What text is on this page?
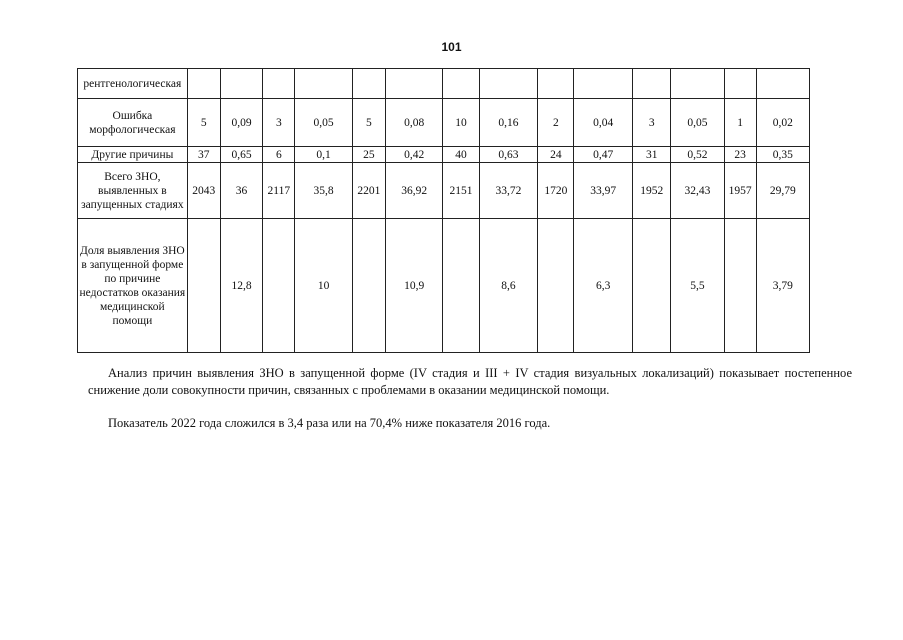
101
рентгенологическая														
Ошибка морфологическая	5	0,09	3	0,05	5	0,08	10	0,16	2	0,04	3	0,05	1	0,02
Другие причины	37	0,65	6	0,1	25	0,42	40	0,63	24	0,47	31	0,52	23	0,35
Всего ЗНО, выявленных в запущенных стадиях	2043	36	2117	35,8	2201	36,92	2151	33,72	1720	33,97	1952	32,43	1957	29,79
Доля выявления ЗНО в запущенной форме по причине недостатков оказания медицинской помощи		12,8		10		10,9		8,6		6,3		5,5		3,79
Анализ причин выявления ЗНО в запущенной форме (IV стадия и III + IV стадия визуальных локализаций) показывает постепенное снижение доли совокупности причин, связанных с проблемами в оказании медицинской помощи.
Показатель 2022 года сложился в 3,4 раза или на 70,4% ниже показателя 2016 года.
